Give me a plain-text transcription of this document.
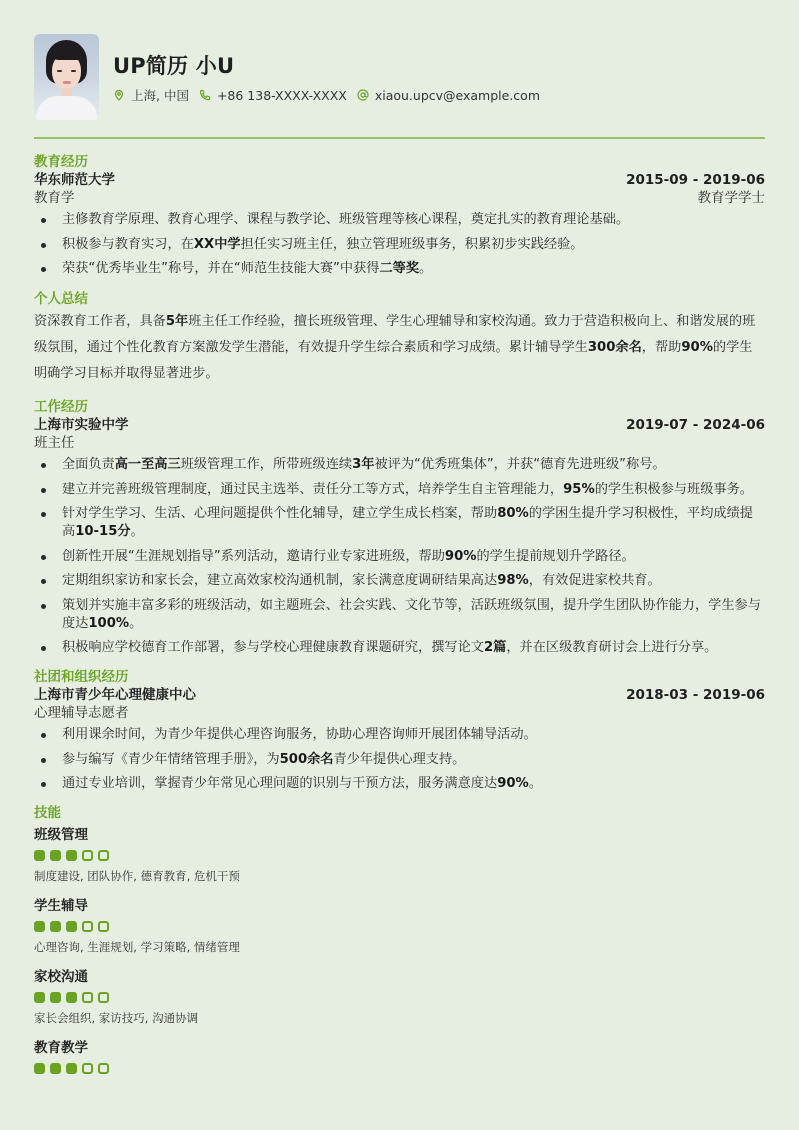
UP简历 小U
上海, 中国 +86 138-XXXX-XXXX xiaou.upcv@example.com
教育经历
华东师范大学	2015-09 - 2019-06
教育学	教育学学士
主修教育学原理、教育心理学、课程与教学论、班级管理等核心课程，奠定扎实的教育理论基础。
积极参与教育实习，在XX中学担任实习班主任，独立管理班级事务，积累初步实践经验。
荣获“优秀毕业生”称号，并在“师范生技能大赛”中获得二等奖。
个人总结
资深教育工作者，具备5年班主任工作经验，擅长班级管理、学生心理辅导和家校沟通。致力于营造积极向上、和谐发展的班级氛围，通过个性化教育方案激发学生潜能，有效提升学生综合素质和学习成绩。累计辅导学生300余名，帮助90%的学生明确学习目标并取得显著进步。
工作经历
上海市实验中学	2019-07 - 2024-06
班主任
全面负责高一至高三班级管理工作，所带班级连续3年被评为“优秀班集体”，并获“德育先进班级”称号。
建立并完善班级管理制度，通过民主选举、责任分工等方式，培养学生自主管理能力，95%的学生积极参与班级事务。
针对学生学习、生活、心理问题提供个性化辅导，建立学生成长档案，帮助80%的学困生提升学习积极性，平均成绩提高10-15分。
创新性开展“生涯规划指导”系列活动，邀请行业专家进班级，帮助90%的学生提前规划升学路径。
定期组织家访和家长会，建立高效家校沟通机制，家长满意度调研结果高达98%，有效促进家校共育。
策划并实施丰富多彩的班级活动，如主题班会、社会实践、文化节等，活跃班级氛围，提升学生团队协作能力，学生参与度达100%。
积极响应学校德育工作部署，参与学校心理健康教育课题研究，撰写论文2篇，并在区级教育研讨会上进行分享。
社团和组织经历
上海市青少年心理健康中心	2018-03 - 2019-06
心理辅导志愿者
利用课余时间，为青少年提供心理咨询服务，协助心理咨询师开展团体辅导活动。
参与编写《青少年情绪管理手册》，为500余名青少年提供心理支持。
通过专业培训，掌握青少年常见心理问题的识别与干预方法，服务满意度达90%。
技能
班级管理
制度建设, 团队协作, 德育教育, 危机干预
学生辅导
心理咨询, 生涯规划, 学习策略, 情绪管理
家校沟通
家长会组织, 家访技巧, 沟通协调
教育教学
